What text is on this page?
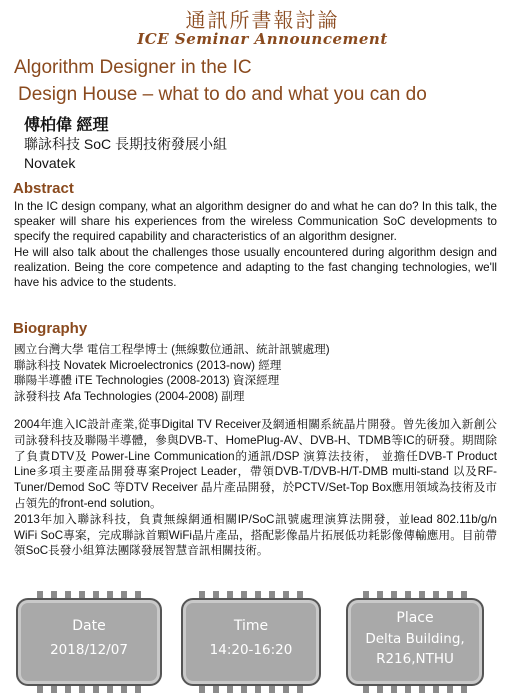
通訊所書報討論
ICE Seminar Announcement
Algorithm Designer in the IC
Design House – what to do and what you can do
傅柏偉 經理
聯詠科技 SoC 長期技術發展小組
Novatek
Abstract

In the IC design company, what an algorithm designer do and what he can do? In this talk, the speaker will share his experiences from the wireless Communication SoC developments to specify the required capability and characteristics of an algorithm designer.

He will also talk about the challenges those usually encountered during algorithm design and realization. Being the core competence and adapting to the fast changing technologies, we'll have his advice to the students.

Biography
國立台灣大學 電信工程學博士 (無線數位通訊、統計訊號處理)
聯詠科技 Novatek Microelectronics (2013-now) 經理
聯陽半導體 iTE Technologies (2008-2013) 資深經理
詠發科技 Afa Technologies (2004-2008) 副理

2004年進入IC設計產業,從事Digital TV Receiver及網通相關系統晶片開發。曾先後加入新創公司詠發科技及聯陽半導體，參與DVB-T、HomePlug-AV、DVB-H、TDMB等IC的研發。期間除了負責DTV及 Power-Line Communication的通訊/DSP 演算法技術， 並擔任DVB-T Product Line多項主要產品開發專案Project Leader，帶領DVB-T/DVB-H/T-DMB multi-stand 以及RF-Tuner/Demod SoC 等DTV Receiver 晶片產品開發，於PCTV/Set-Top Box應用領域為技術及市占領先的front-end solution。

2013年加入聯詠科技，負責無線網通相關IP/SoC訊號處理演算法開發，並lead 802.11b/g/n WiFi SoC專案，完成聯詠首顆WiFi晶片產品，搭配影像晶片拓展低功耗影像傳輸應用。目前帶領SoC長發小組算法團隊發展智慧音訊相關技術。

Date
2018/12/07
Time
14:20-16:20
Place
Delta Building,
R216,NTHU
